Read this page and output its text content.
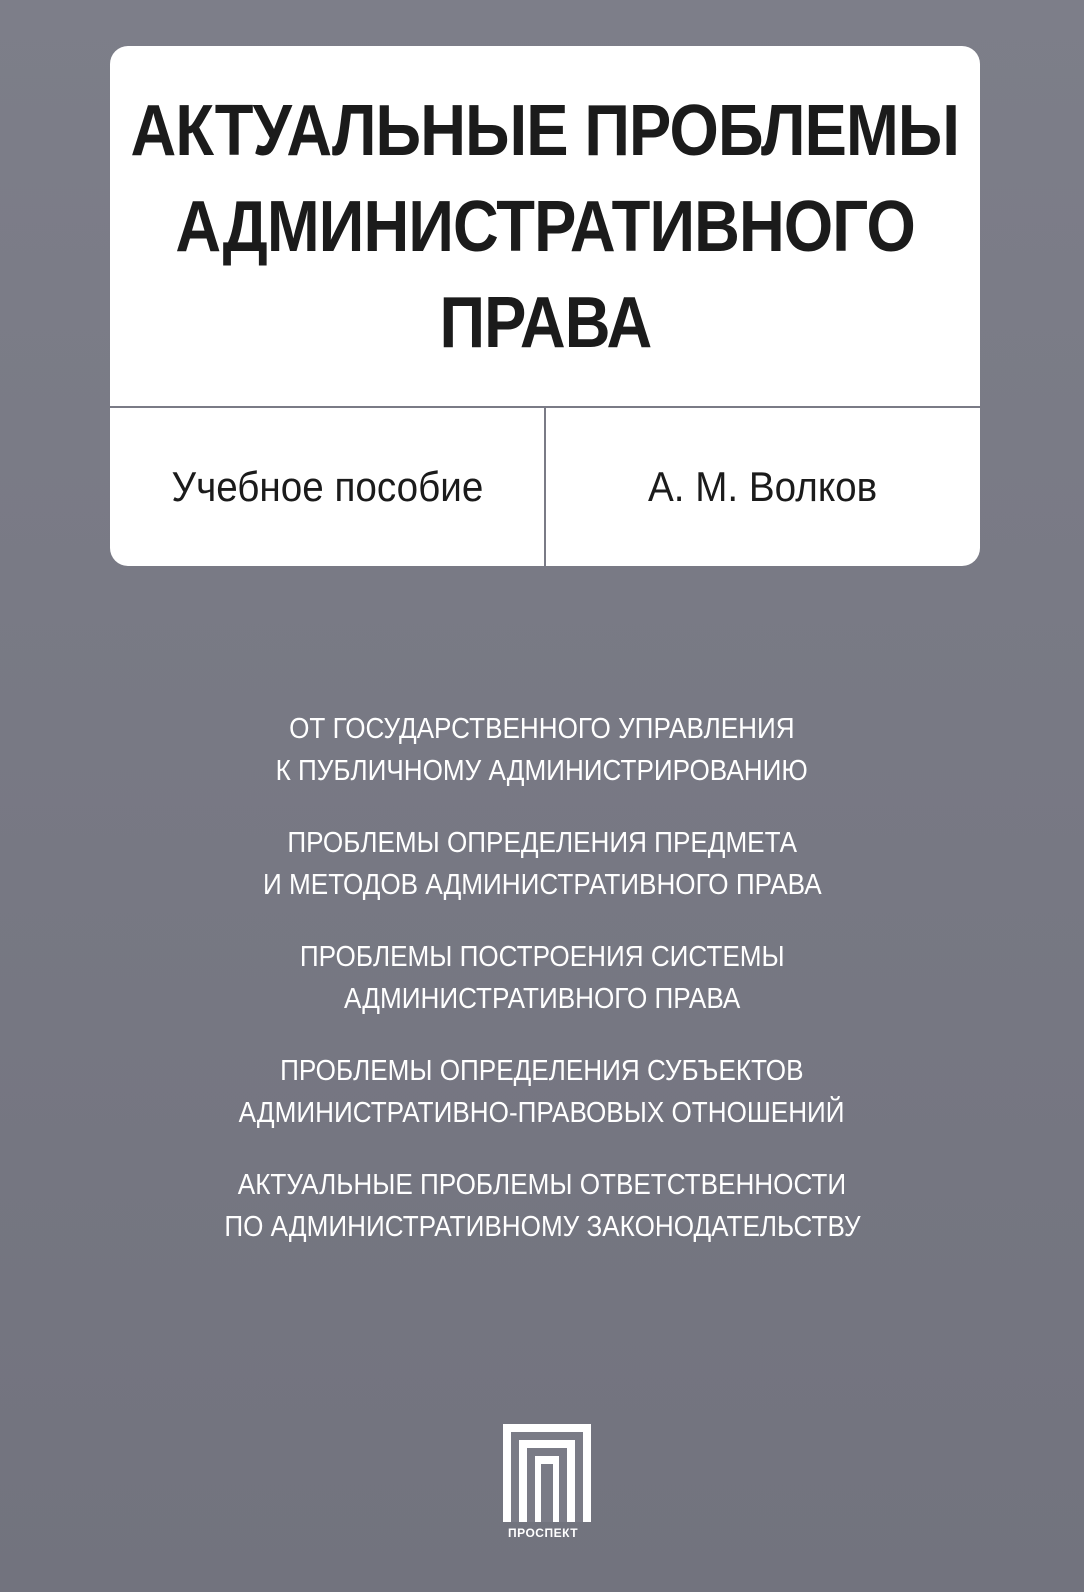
АКТУАЛЬНЫЕ ПРОБЛЕМЫ
АДМИНИСТРАТИВНОГО
ПРАВА
Учебное пособие	А. М. Волков
ОТ ГОСУДАРСТВЕННОГО УПРАВЛЕНИЯ
К ПУБЛИЧНОМУ АДМИНИСТРИРОВАНИЮ
ПРОБЛЕМЫ ОПРЕДЕЛЕНИЯ ПРЕДМЕТА
И МЕТОДОВ АДМИНИСТРАТИВНОГО ПРАВА
ПРОБЛЕМЫ ПОСТРОЕНИЯ СИСТЕМЫ
АДМИНИСТРАТИВНОГО ПРАВА
ПРОБЛЕМЫ ОПРЕДЕЛЕНИЯ СУБЪЕКТОВ
АДМИНИСТРАТИВНО-ПРАВОВЫХ ОТНОШЕНИЙ
АКТУАЛЬНЫЕ ПРОБЛЕМЫ ОТВЕТСТВЕННОСТИ
ПО АДМИНИСТРАТИВНОМУ ЗАКОНОДАТЕЛЬСТВУ
ПРОСПЕКТ
